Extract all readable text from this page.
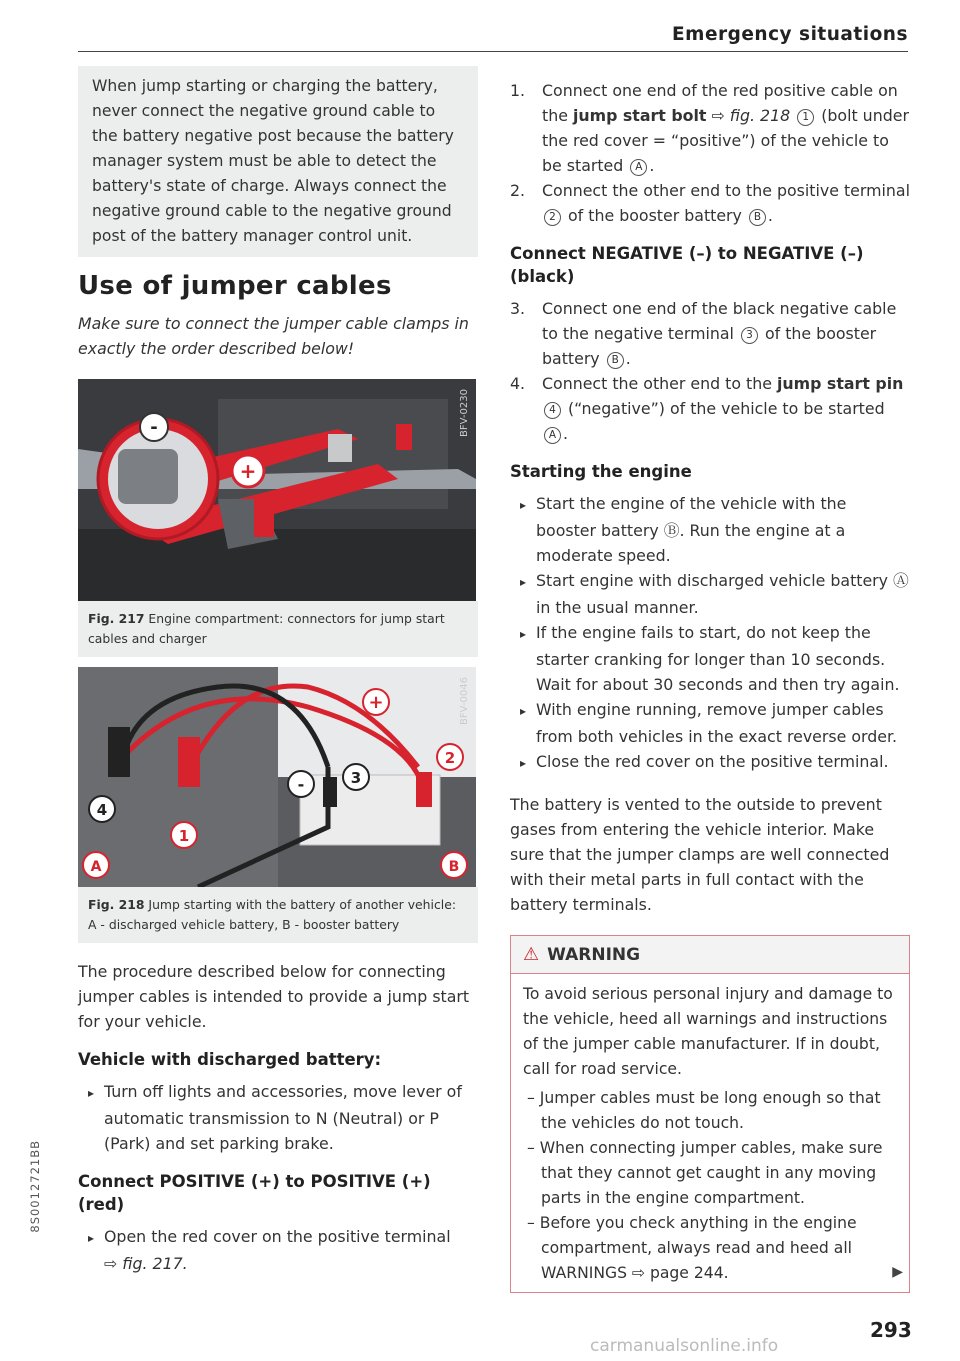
Emergency situations
When jump starting or charging the battery, never connect the negative ground cable to the battery negative post because the battery manager system must be able to detect the battery's state of charge. Always connect the negative ground cable to the negative ground post of the battery manager control unit.
Use of jumper cables
Make sure to connect the jumper cable clamps in exactly the order described below!
-
+
BFV-0230
Fig. 217 Engine compartment: connectors for jump start cables and charger
+
2
-	3
4
1
A	B
BFV-0046
Fig. 218 Jump starting with the battery of another vehicle: A - discharged vehicle battery, B - booster battery

The procedure described below for connecting jumper cables is intended to provide a jump start for your vehicle.

Vehicle with discharged battery:

▸ Turn off lights and accessories, move lever of automatic transmission to N (Neutral) or P (Park) and set parking brake.

Connect POSITIVE (+) to POSITIVE (+) (red)

▸ Open the red cover on the positive terminal
⇨ fig. 217.

1. Connect one end of the red positive cable on the jump start bolt ⇨ fig. 218 1 (bolt under the red cover = “positive”) of the vehicle to be started A .

2. Connect the other end to the positive terminal 2 of the booster battery B .

Connect NEGATIVE (–) to NEGATIVE (–) (black)

3. Connect one end of the black negative cable to the negative terminal 3 of the booster battery B .

4. Connect the other end to the jump start pin 4 (“negative”) of the vehicle to be started A .

Starting the engine

▸ Start the engine of the vehicle with the booster battery Ⓑ. Run the engine at a moderate speed.

▸ Start engine with discharged vehicle battery Ⓐ in the usual manner.

▸ If the engine fails to start, do not keep the starter cranking for longer than 10 seconds. Wait for about 30 seconds and then try again.

▸ With engine running, remove jumper cables from both vehicles in the exact reverse order.

▸ Close the red cover on the positive terminal.

The battery is vented to the outside to prevent gases from entering the vehicle interior. Make sure that the jumper clamps are well connected with their metal parts in full contact with the battery terminals.

⚠ WARNING

To avoid serious personal injury and damage to the vehicle, heed all warnings and instructions of the jumper cable manufacturer. If in doubt, call for road service.

– Jumper cables must be long enough so that the vehicles do not touch.

– When connecting jumper cables, make sure that they cannot get caught in any moving parts in the engine compartment.

– Before you check anything in the engine compartment, always read and heed all WARNINGS ⇨ page 244.	▶
8S0012721BB
293
carmanualsonline.info
